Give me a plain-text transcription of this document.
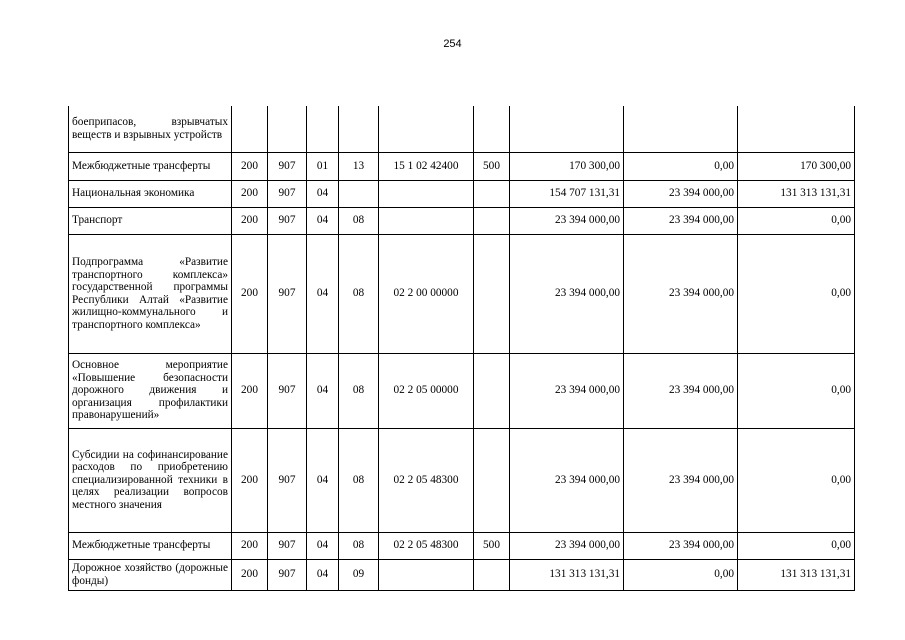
254
боеприпасов, взрывчатых веществ и взрывных устройств									
Межбюджетные трансферты	200	907	01	13	15 1 02 42400	500	170 300,00	0,00	170 300,00
Национальная экономика	200	907	04				154 707 131,31	23 394 000,00	131 313 131,31
Транспорт	200	907	04	08			23 394 000,00	23 394 000,00	0,00
Подпрограмма «Развитие транспортного комплекса» государственной программы Республики Алтай «Развитие жилищно-коммунального и транспортного комплекса»	200	907	04	08	02 2 00 00000		23 394 000,00	23 394 000,00	0,00
Основное мероприятие «Повышение безопасности дорожного движения и организация профилактики правонарушений»	200	907	04	08	02 2 05 00000		23 394 000,00	23 394 000,00	0,00
Субсидии на софинансирование расходов по приобретению специализированной техники в целях реализации вопросов местного значения	200	907	04	08	02 2 05 48300		23 394 000,00	23 394 000,00	0,00
Межбюджетные трансферты	200	907	04	08	02 2 05 48300	500	23 394 000,00	23 394 000,00	0,00
Дорожное хозяйство (дорожные фонды)	200	907	04	09			131 313 131,31	0,00	131 313 131,31
